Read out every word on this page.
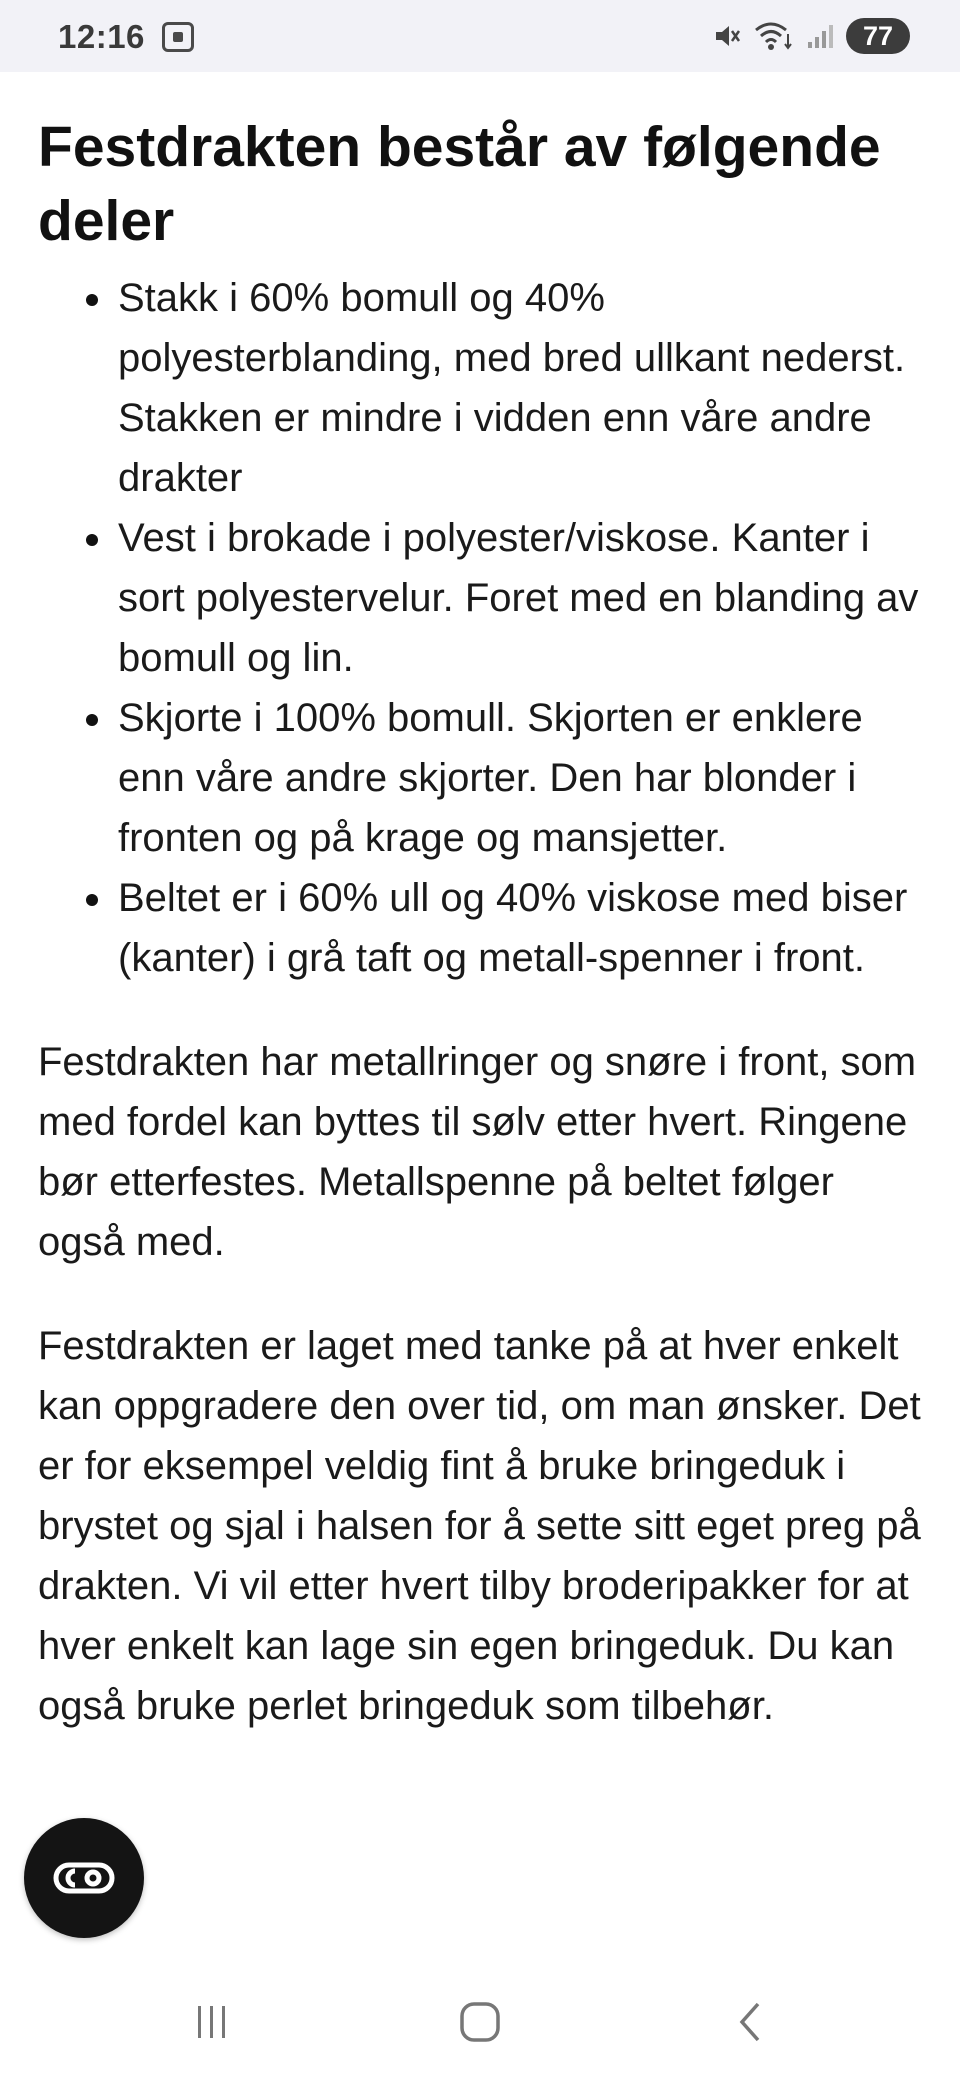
12:16	77
Festdrakten består av følgende deler
Stakk i 60% bomull og 40% polyesterblanding, med bred ullkant nederst. Stakken er mindre i vidden enn våre andre drakter
Vest i brokade i polyester/viskose. Kanter i sort polyestervelur. Foret med en blanding av bomull og lin.
Skjorte i 100% bomull. Skjorten er enklere enn våre andre skjorter. Den har blonder i fronten og på krage og mansjetter.
Beltet er i 60% ull og 40% viskose med biser (kanter) i grå taft og metall-spenner i front.

Festdrakten har metallringer og snøre i front, som med fordel kan byttes til sølv etter hvert. Ringene bør etterfestes. Metallspenne på beltet følger også med.

Festdrakten er laget med tanke på at hver enkelt kan oppgradere den over tid, om man ønsker. Det er for eksempel veldig fint å bruke bringeduk i brystet og sjal i halsen for å sette sitt eget preg på drakten. Vi vil etter hvert tilby broderipakker for at hver enkelt kan lage sin egen bringeduk. Du kan også bruke perlet bringeduk som tilbehør.
